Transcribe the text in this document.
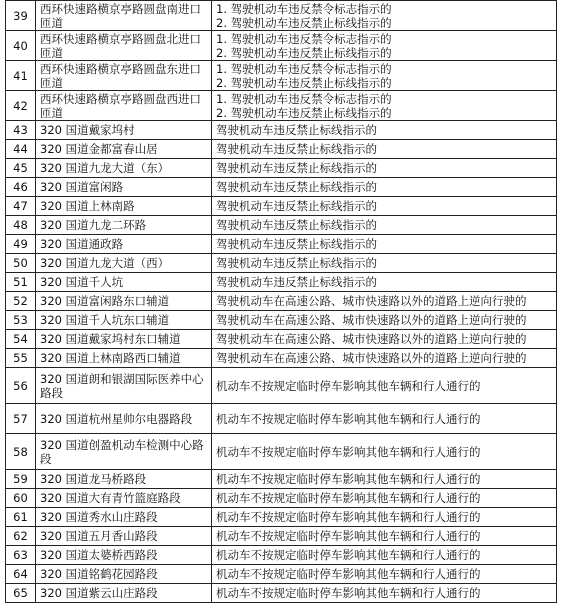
39	西环快速路横京亭路圆盘南进口匝道	1. 驾驶机动车违反禁令标志指示的
2. 驾驶机动车违反禁止标线指示的

40	西环快速路横京亭路圆盘北进口匝道	1. 驾驶机动车违反禁令标志指示的
2. 驾驶机动车违反禁止标线指示的

41	西环快速路横京亭路圆盘东进口匝道	1. 驾驶机动车违反禁令标志指示的
2. 驾驶机动车违反禁止标线指示的

42	西环快速路横京亭路圆盘西进口匝道	1. 驾驶机动车违反禁令标志指示的
2. 驾驶机动车违反禁止标线指示的

43	320 国道戴家坞村	驾驶机动车违反禁止标线指示的

44	320 国道金都富春山居	驾驶机动车违反禁止标线指示的

45	320 国道九龙大道（东）	驾驶机动车违反禁止标线指示的

46	320 国道富闲路	驾驶机动车违反禁止标线指示的

47	320 国道上林南路	驾驶机动车违反禁止标线指示的

48	320 国道九龙二环路	驾驶机动车违反禁止标线指示的

49	320 国道通政路	驾驶机动车违反禁止标线指示的

50	320 国道九龙大道（西）	驾驶机动车违反禁止标线指示的

51	320 国道千人坑	驾驶机动车违反禁止标线指示的

52	320 国道富闲路东口辅道	驾驶机动车在高速公路、城市快速路以外的道路上逆向行驶的

53	320 国道千人坑东口辅道	驾驶机动车在高速公路、城市快速路以外的道路上逆向行驶的

54	320 国道戴家坞村东口辅道	驾驶机动车在高速公路、城市快速路以外的道路上逆向行驶的

55	320 国道上林南路西口辅道	驾驶机动车在高速公路、城市快速路以外的道路上逆向行驶的

56	320 国道朗和银湖国际医养中心路段	机动车不按规定临时停车影响其他车辆和行人通行的

57	320 国道杭州星帅尔电器路段	机动车不按规定临时停车影响其他车辆和行人通行的

58	320 国道创盈机动车检测中心路段	机动车不按规定临时停车影响其他车辆和行人通行的

59	320 国道龙马桥路段	机动车不按规定临时停车影响其他车辆和行人通行的

60	320 国道大有青竹篮庭路段	机动车不按规定临时停车影响其他车辆和行人通行的

61	320 国道秀水山庄路段	机动车不按规定临时停车影响其他车辆和行人通行的

62	320 国道五月香山路段	机动车不按规定临时停车影响其他车辆和行人通行的

63	320 国道太婆桥西路段	机动车不按规定临时停车影响其他车辆和行人通行的

64	320 国道铭鹤花园路段	机动车不按规定临时停车影响其他车辆和行人通行的

65	320 国道紫云山庄路段	机动车不按规定临时停车影响其他车辆和行人通行的
